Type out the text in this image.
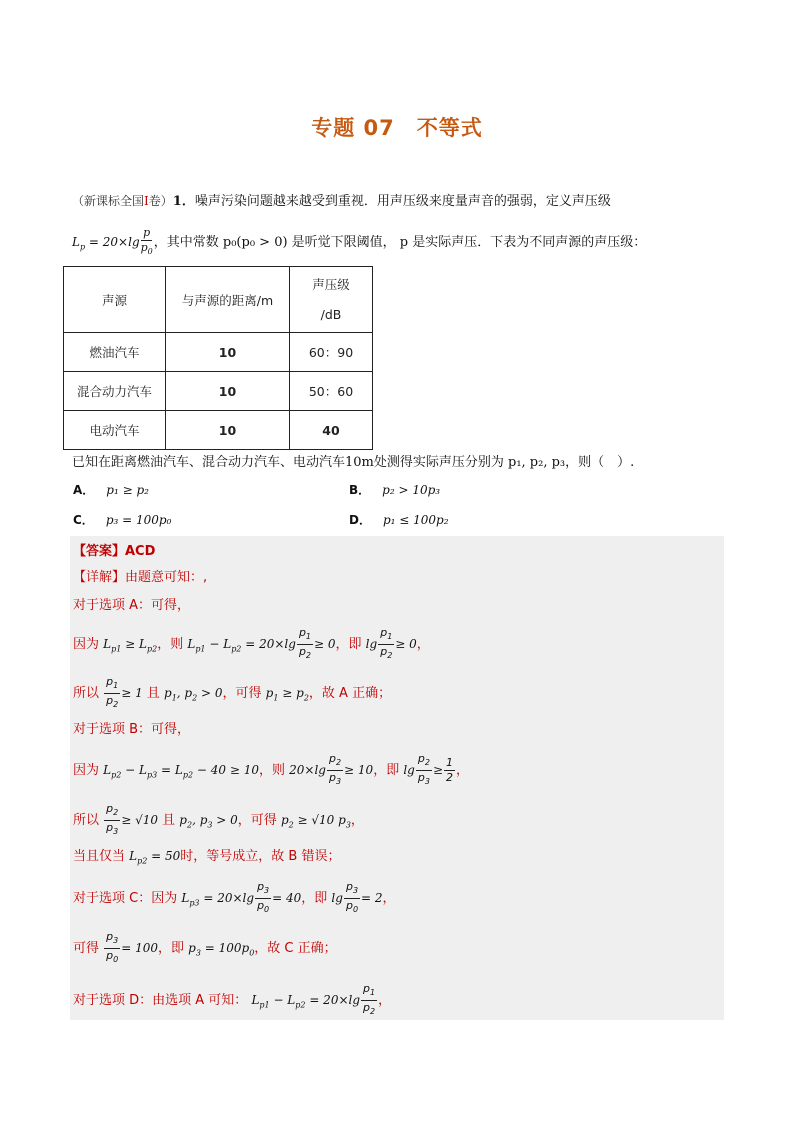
专题 07　不等式
（新课标全国I卷）1．噪声污染问题越来越受到重视．用声压级来度量声音的强弱，定义声压级
$L_p = 20\times\lg \frac{p}{p_0}$ ，其中常数 p₀(p₀ > 0) 是听觉下限阈值， p 是实际声压．下表为不同声源的声压级：
声源	与声源的距离/m	声压级
/dB
燃油汽车	10	60：90
混合动力汽车	10	50：60
电动汽车	10	40
已知在距离燃油汽车、混合动力汽车、电动汽车10m处测得实际声压分别为 p₁, p₂, p₃，则（　）.
A． p₁ ≥ p₂	B． p₂ > 10p₃
C． p₃ = 100p₀	D． p₁ ≤ 100p₂
【答案】ACD
【详解】由题意可知：,
对于选项 A：可得，
因为 $L_{p1} \ge L_{p2}$，则 $L_{p1} - L_{p2} = 20\times\lg \frac{p_1}{p_2} \ge 0$，即 $\lg \frac{p_1}{p_2} \ge 0$，
所以 $\frac{p_1}{p_2} \ge 1$ 且 $p_1$, $p_2 > 0$，可得 $p_1 \ge p_2$，故 A 正确；
对于选项 B：可得，
因为 $L_{p2} - L_{p3} = L_{p2} - 40 \ge 10$，则 $20\times\lg \frac{p_2}{p_3} \ge 10$，即 $\lg \frac{p_2}{p_3} \ge \frac{1}{2}$ ，
所以 $\frac{p_2}{p_3} \ge √10$ 且 $p_2$, $p_3 > 0$，可得 $p_2 \ge √10$ $p_3$，
当且仅当 $L_{p2} = 50$时，等号成立，故 B 错误；
对于选项 C：因为 $L_{p3} = 20\times\lg \frac{p_3}{p_0} = 40$，即 $\lg \frac{p_3}{p_0} = 2$，
可得 $\frac{p_3}{p_0} = 100$，即 $p_3 = 100p_0$，故 C 正确；
对于选项 D：由选项 A 可知： $L_{p1} - L_{p2} = 20\times\lg \frac{p_1}{p_2}$ ，
